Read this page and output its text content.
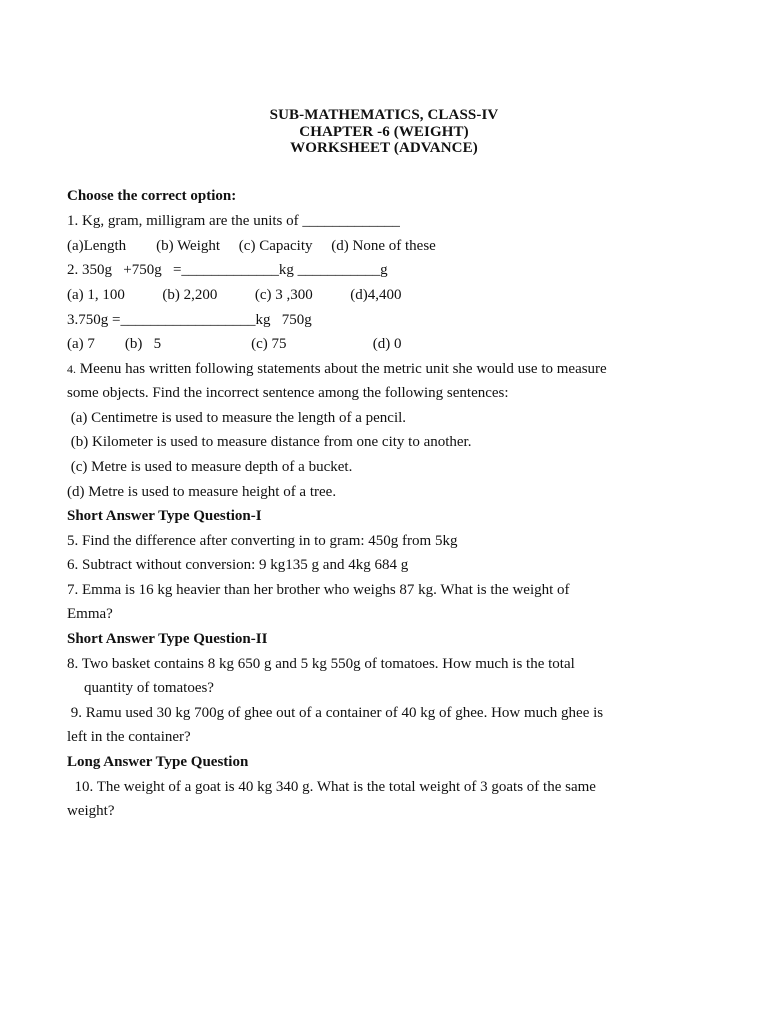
SUB-MATHEMATICS, CLASS-IV
CHAPTER -6 (WEIGHT)
WORKSHEET (ADVANCE)
Choose the correct option:
1. Kg, gram, milligram are the units of _____________
(a)Length        (b) Weight     (c) Capacity     (d) None of these
2. 350g   +750g   =_____________kg ___________g
(a) 1, 100          (b) 2,200          (c) 3 ,300          (d)4,400
3.750g =__________________kg   750g
(a) 7        (b)   5                        (c) 75                       (d) 0
4. Meenu has written following statements about the metric unit she would use to measure
some objects. Find the incorrect sentence among the following sentences:
(a) Centimetre is used to measure the length of a pencil.
(b) Kilometer is used to measure distance from one city to another.
(c) Metre is used to measure depth of a bucket.
(d) Metre is used to measure height of a tree.
Short Answer Type Question-I
5. Find the difference after converting in to gram: 450g from 5kg
6. Subtract without conversion: 9 kg135 g and 4kg 684 g
7. Emma is 16 kg heavier than her brother who weighs 87 kg. What is the weight of
Emma?
Short Answer Type Question-II
8. Two basket contains 8 kg 650 g and 5 kg 550g of tomatoes. How much is the total
quantity of tomatoes?
9. Ramu used 30 kg 700g of ghee out of a container of 40 kg of ghee. How much ghee is
left in the container?
Long Answer Type Question
10. The weight of a goat is 40 kg 340 g. What is the total weight of 3 goats of the same
weight?
